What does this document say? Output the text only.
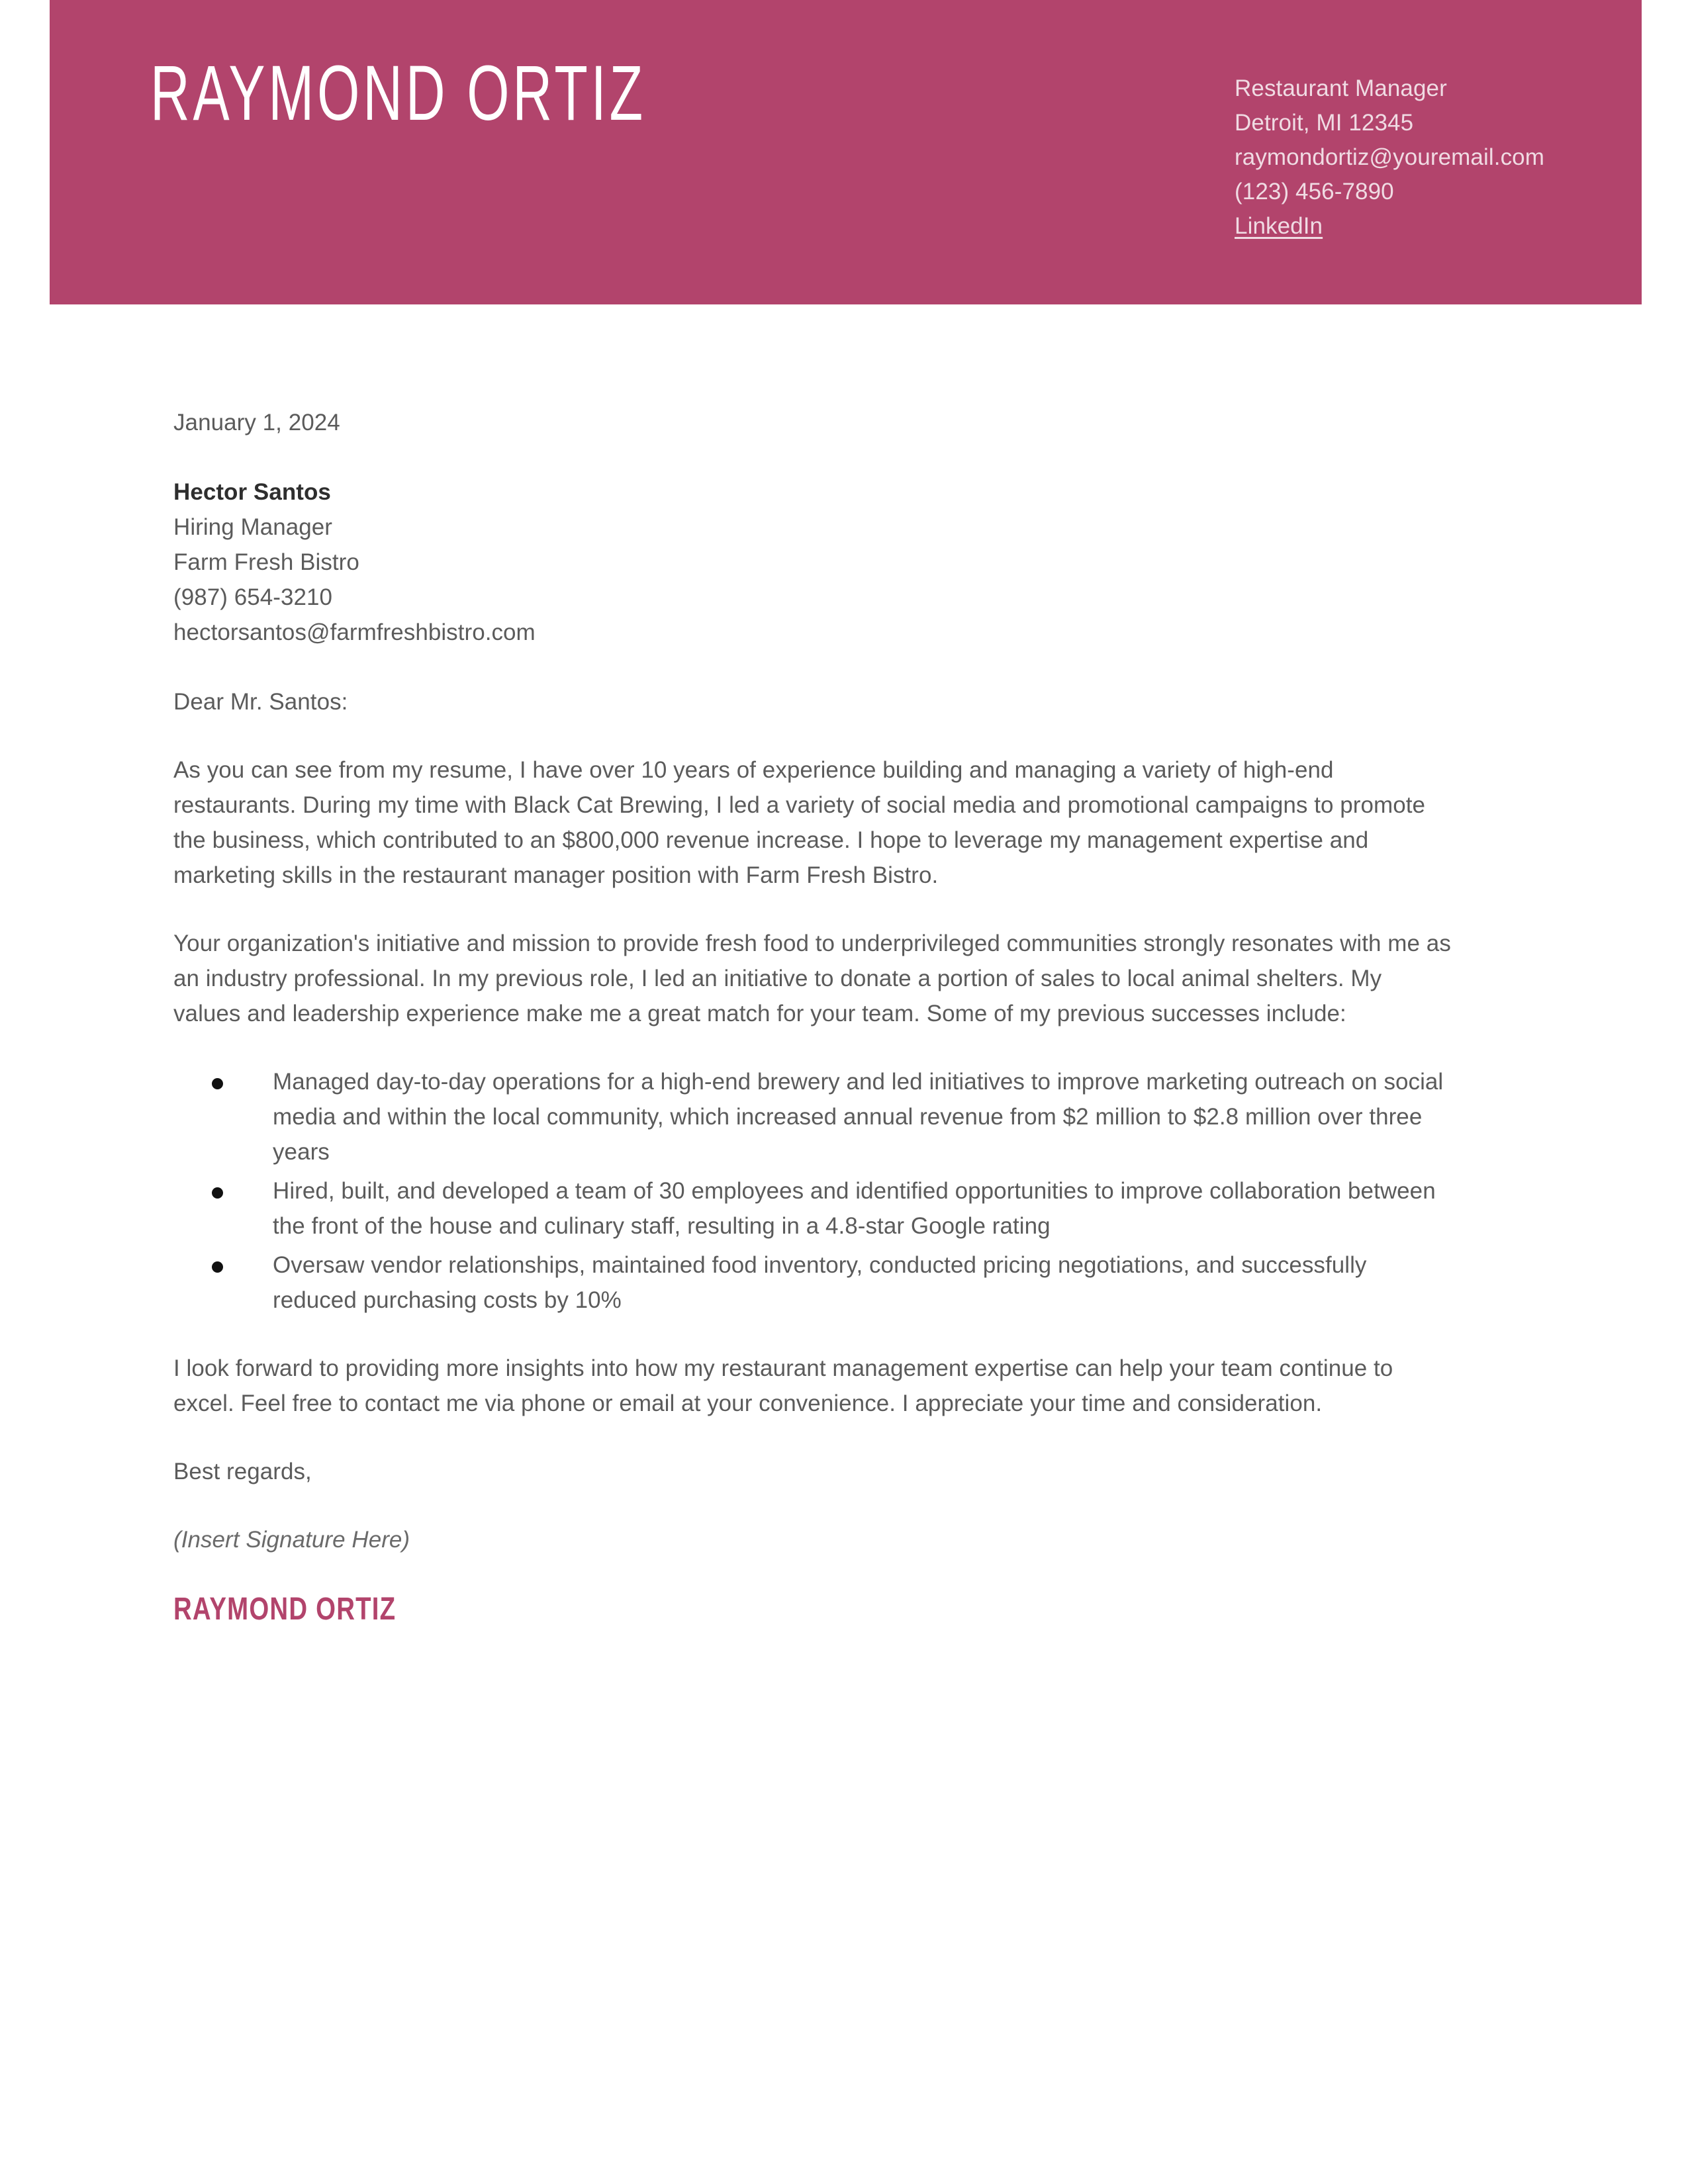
RAYMOND ORTIZ	Restaurant Manager
Detroit, MI 12345
raymondortiz@youremail.com
(123) 456-7890
LinkedIn

January 1, 2024

Hector Santos
Hiring Manager
Farm Fresh Bistro
(987) 654-3210
hectorsantos@farmfreshbistro.com

Dear Mr. Santos:

As you can see from my resume, I have over 10 years of experience building and managing a variety of high-end restaurants. During my time with Black Cat Brewing, I led a variety of social media and promotional campaigns to promote the business, which contributed to an $800,000 revenue increase. I hope to leverage my management expertise and marketing skills in the restaurant manager position with Farm Fresh Bistro.

Your organization's initiative and mission to provide fresh food to underprivileged communities strongly resonates with me as an industry professional. In my previous role, I led an initiative to donate a portion of sales to local animal shelters. My values and leadership experience make me a great match for your team. Some of my previous successes include:

Managed day-to-day operations for a high-end brewery and led initiatives to improve marketing outreach on social media and within the local community, which increased annual revenue from $2 million to $2.8 million over three years
Hired, built, and developed a team of 30 employees and identified opportunities to improve collaboration between the front of the house and culinary staff, resulting in a 4.8-star Google rating
Oversaw vendor relationships, maintained food inventory, conducted pricing negotiations, and successfully reduced purchasing costs by 10%

I look forward to providing more insights into how my restaurant management expertise can help your team continue to excel. Feel free to contact me via phone or email at your convenience. I appreciate your time and consideration.

Best regards,

(Insert Signature Here)

RAYMOND ORTIZ
